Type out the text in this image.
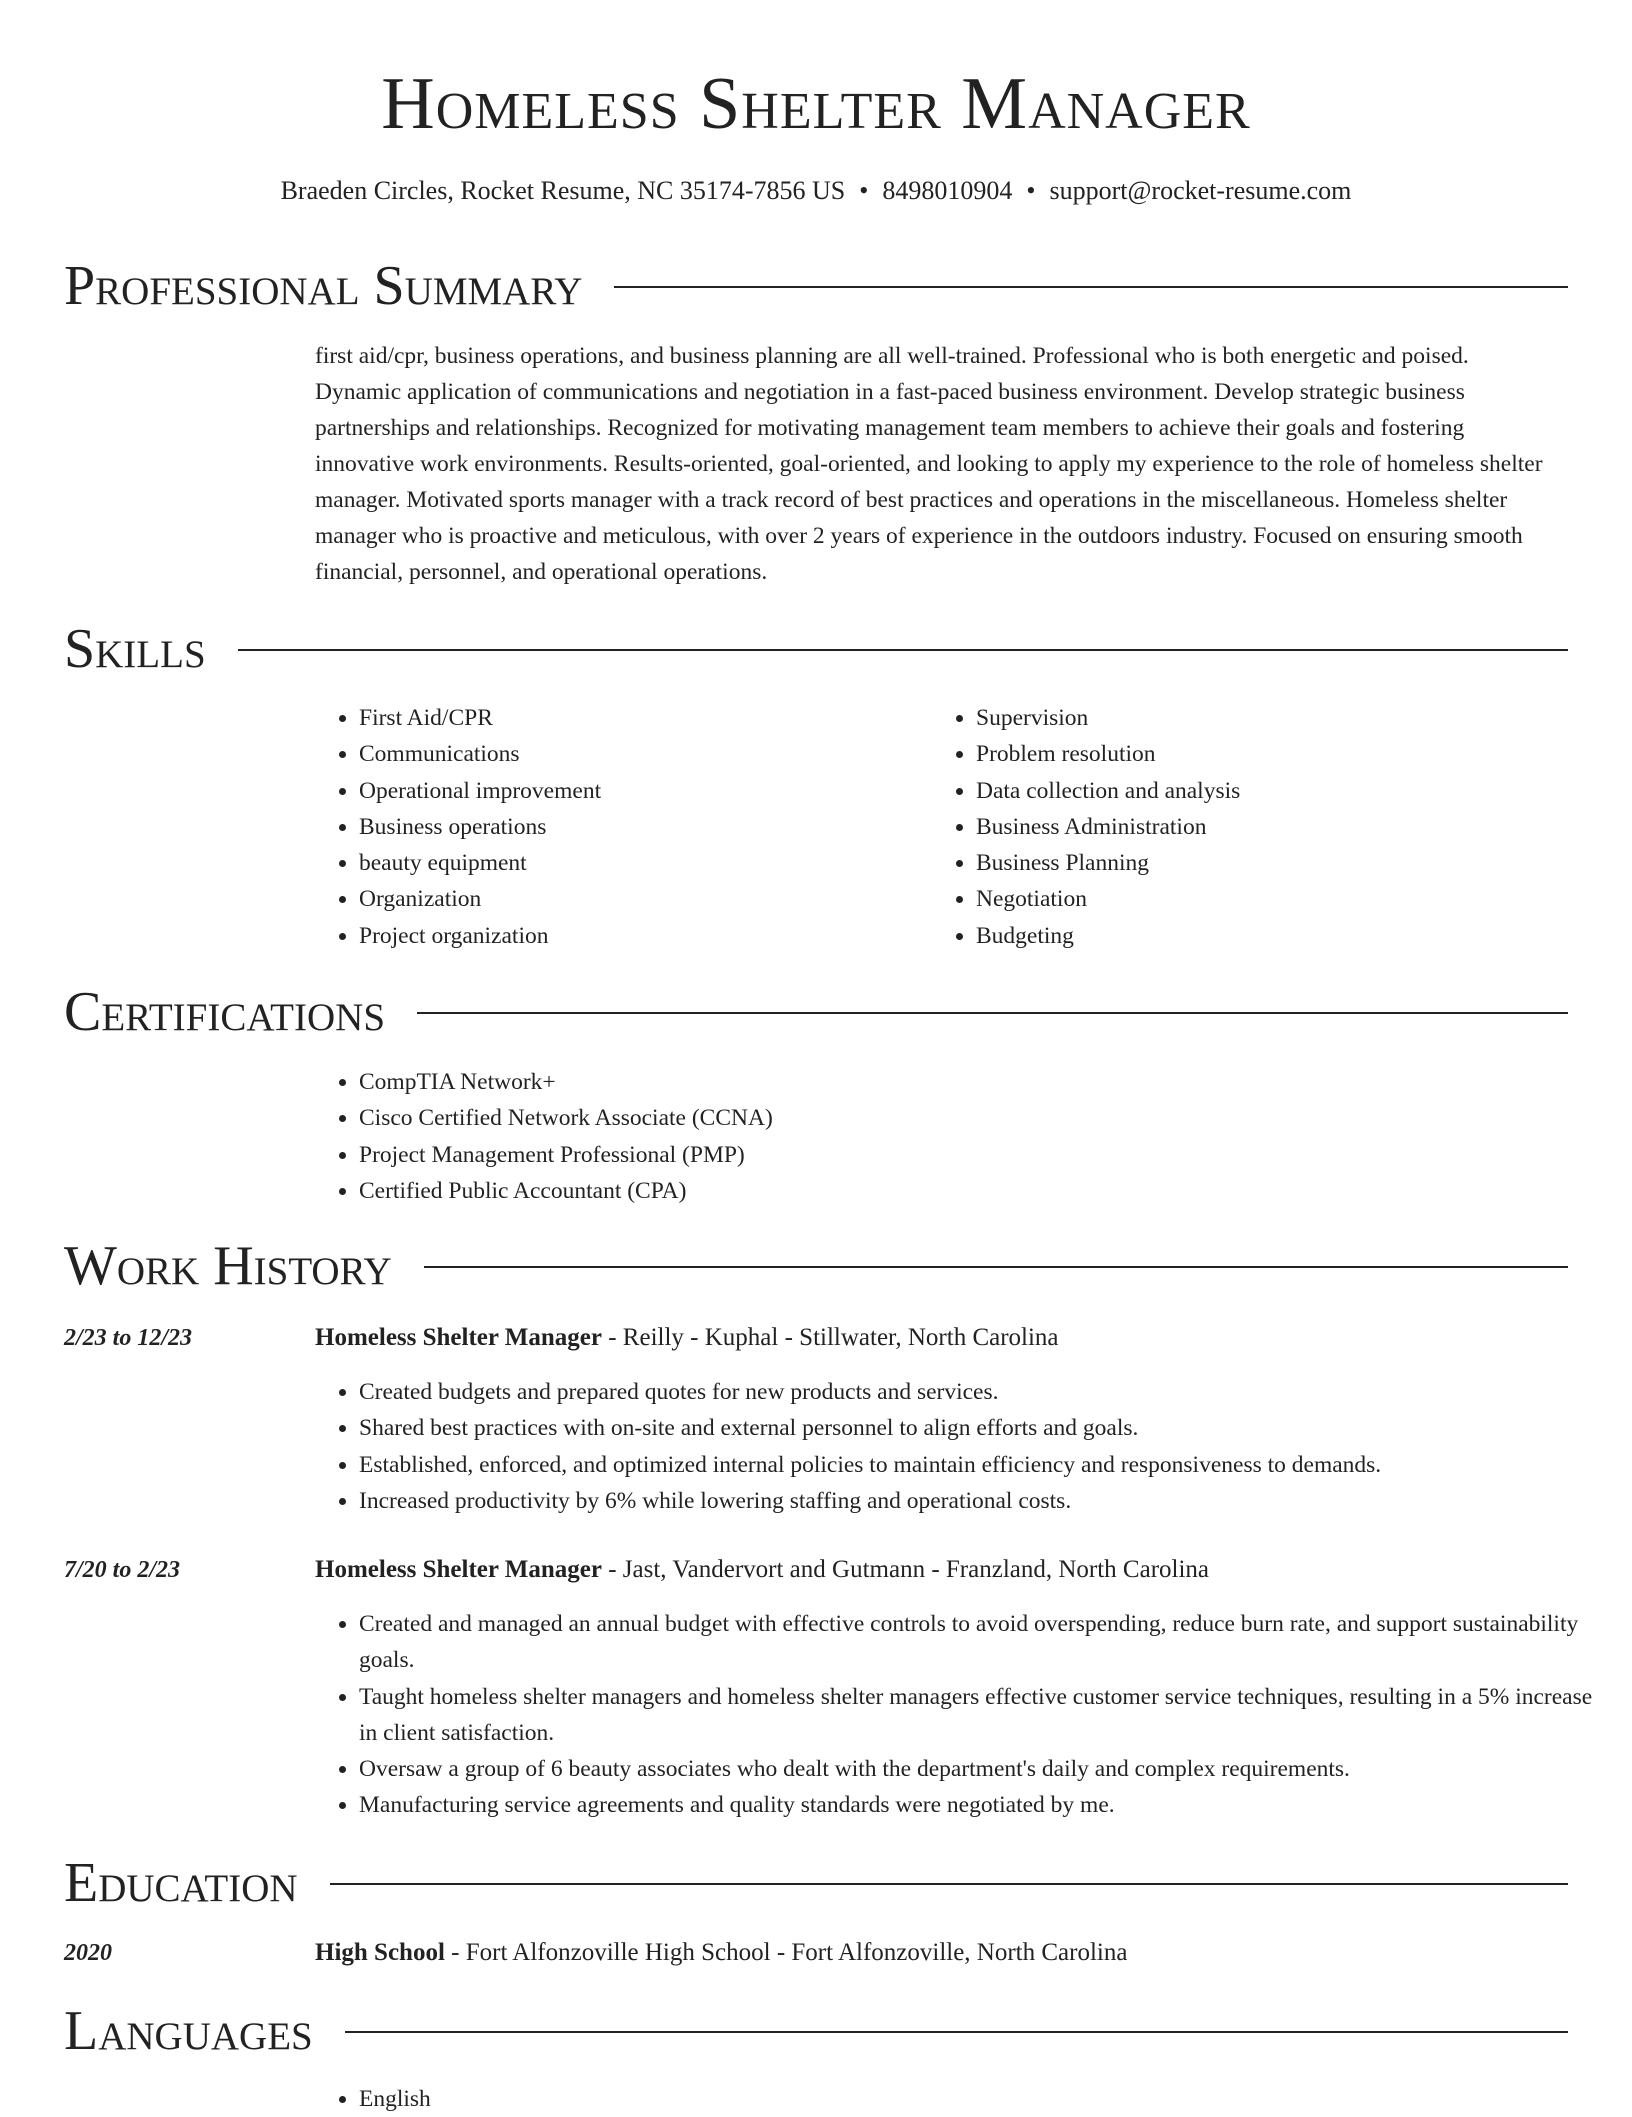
Homeless Shelter Manager
Braeden Circles, Rocket Resume, NC 35174-7856 US • 8498010904 • support@rocket-resume.com
Professional Summary

first aid/cpr, business operations, and business planning are all well-trained. Professional who is both energetic and poised. Dynamic application of communications and negotiation in a fast-paced business environment. Develop strategic business partnerships and relationships. Recognized for motivating management team members to achieve their goals and fostering innovative work environments. Results-oriented, goal-oriented, and looking to apply my experience to the role of homeless shelter manager. Motivated sports manager with a track record of best practices and operations in the miscellaneous. Homeless shelter manager who is proactive and meticulous, with over 2 years of experience in the outdoors industry. Focused on ensuring smooth financial, personnel, and operational operations.

Skills
• First Aid/CPR
• Communications
• Operational improvement
• Business operations
• beauty equipment
• Organization
• Project organization
• Supervision
• Problem resolution
• Data collection and analysis
• Business Administration
• Business Planning
• Negotiation
• Budgeting
Certifications
• CompTIA Network+
• Cisco Certified Network Associate (CCNA)
• Project Management Professional (PMP)
• Certified Public Accountant (CPA)
Work History
2/23 to 12/23	Homeless Shelter Manager - Reilly - Kuphal - Stillwater, North Carolina
• Created budgets and prepared quotes for new products and services.
• Shared best practices with on-site and external personnel to align efforts and goals.
• Established, enforced, and optimized internal policies to maintain efficiency and responsiveness to demands.
• Increased productivity by 6% while lowering staffing and operational costs.
7/20 to 2/23	Homeless Shelter Manager - Jast, Vandervort and Gutmann - Franzland, North Carolina
• Created and managed an annual budget with effective controls to avoid overspending, reduce burn rate, and support sustainability goals.
• Taught homeless shelter managers and homeless shelter managers effective customer service techniques, resulting in a 5% increase in client satisfaction.
• Oversaw a group of 6 beauty associates who dealt with the department's daily and complex requirements.
• Manufacturing service agreements and quality standards were negotiated by me.
Education
2020	High School - Fort Alfonzoville High School - Fort Alfonzoville, North Carolina
Languages
• English
